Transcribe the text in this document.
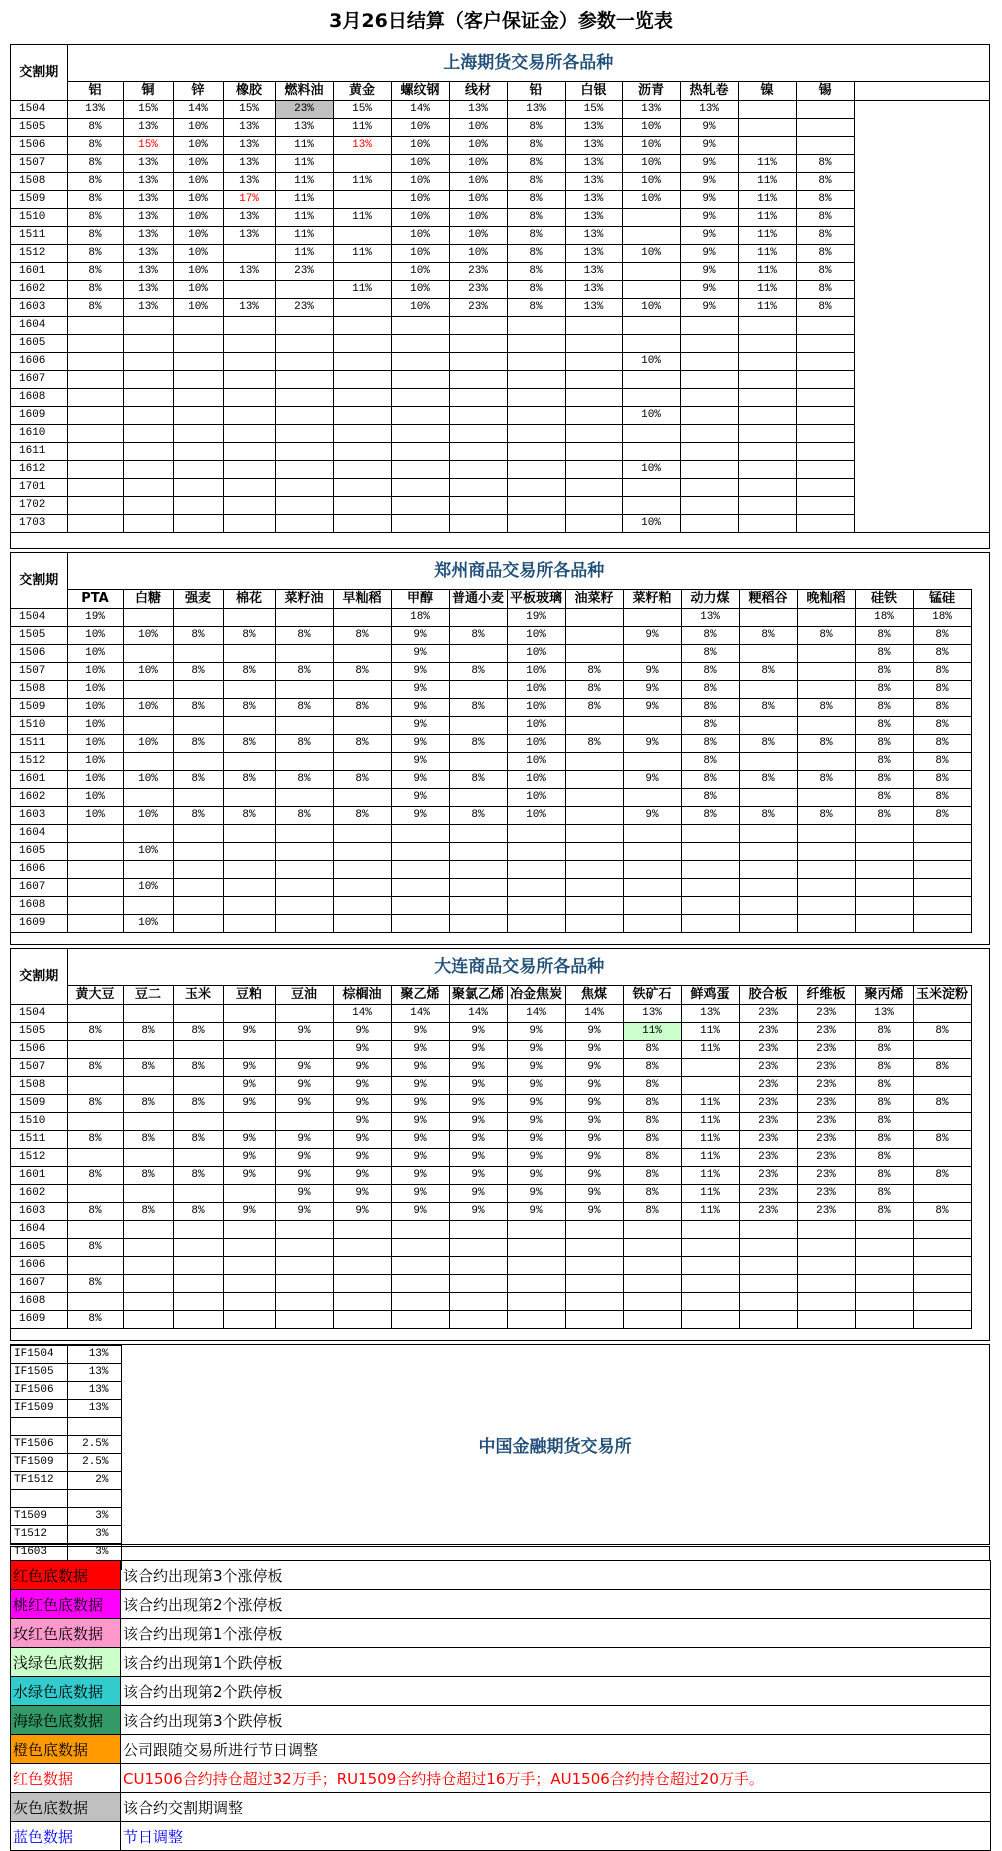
3月26日结算（客户保证金）参数一览表
交割期	上海期货交易所各品种														
	铝	铜	锌	橡胶	燃料油	黄金	螺纹钢	线材	铅	白银	沥青	热轧卷	镍	锡	
1504	13%	15%	14%	15%	23%	15%	14%	13%	13%	15%	13%	13%			
1505	8%	13%	10%	13%	13%	11%	10%	10%	8%	13%	10%	9%			
1506	8%	15%	10%	13%	11%	13%	10%	10%	8%	13%	10%	9%			
1507	8%	13%	10%	13%	11%		10%	10%	8%	13%	10%	9%	11%	8%	
1508	8%	13%	10%	13%	11%	11%	10%	10%	8%	13%	10%	9%	11%	8%	
1509	8%	13%	10%	17%	11%		10%	10%	8%	13%	10%	9%	11%	8%	
1510	8%	13%	10%	13%	11%	11%	10%	10%	8%	13%		9%	11%	8%	
1511	8%	13%	10%	13%	11%		10%	10%	8%	13%		9%	11%	8%	
1512	8%	13%	10%		11%	11%	10%	10%	8%	13%	10%	9%	11%	8%	
1601	8%	13%	10%	13%	23%		10%	23%	8%	13%		9%	11%	8%	
1602	8%	13%	10%			11%	10%	23%	8%	13%		9%	11%	8%	
1603	8%	13%	10%	13%	23%		10%	23%	8%	13%	10%	9%	11%	8%	
1604															
1605															
1606											10%				
1607															
1608															
1609											10%				
1610															
1611															
1612											10%				
1701															
1702															
1703											10%				

交割期	郑州商品交易所各品种															
	PTA	白糖	强麦	棉花	菜籽油	早籼稻	甲醇	普通小麦	平板玻璃	油菜籽	菜籽粕	动力煤	粳稻谷	晚籼稻	硅铁	锰硅
1504	19%						18%		19%			13%			18%	18%
1505	10%	10%	8%	8%	8%	8%	9%	8%	10%		9%	8%	8%	8%	8%	8%
1506	10%						9%		10%			8%			8%	8%
1507	10%	10%	8%	8%	8%	8%	9%	8%	10%	8%	9%	8%	8%		8%	8%
1508	10%						9%		10%	8%	9%	8%			8%	8%
1509	10%	10%	8%	8%	8%	8%	9%	8%	10%	8%	9%	8%	8%	8%	8%	8%
1510	10%						9%		10%			8%			8%	8%
1511	10%	10%	8%	8%	8%	8%	9%	8%	10%	8%	9%	8%	8%	8%	8%	8%
1512	10%						9%		10%			8%			8%	8%
1601	10%	10%	8%	8%	8%	8%	9%	8%	10%		9%	8%	8%	8%	8%	8%
1602	10%						9%		10%			8%			8%	8%
1603	10%	10%	8%	8%	8%	8%	9%	8%	10%		9%	8%	8%	8%	8%	8%
1604																
1605		10%														
1606																
1607		10%														
1608																
1609		10%														

交割期	大连商品交易所各品种															
	黄大豆	豆二	玉米	豆粕	豆油	棕榈油	聚乙烯	聚氯乙烯	冶金焦炭	焦煤	铁矿石	鲜鸡蛋	胶合板	纤维板	聚丙烯	玉米淀粉
1504						14%	14%	14%	14%	14%	13%	13%	23%	23%	13%	
1505	8%	8%	8%	9%	9%	9%	9%	9%	9%	9%	11%	11%	23%	23%	8%	8%
1506						9%	9%	9%	9%	9%	8%	11%	23%	23%	8%	
1507	8%	8%	8%	9%	9%	9%	9%	9%	9%	9%	8%		23%	23%	8%	8%
1508				9%	9%	9%	9%	9%	9%	9%	8%		23%	23%	8%	
1509	8%	8%	8%	9%	9%	9%	9%	9%	9%	9%	8%	11%	23%	23%	8%	8%
1510						9%	9%	9%	9%	9%	8%	11%	23%	23%	8%	
1511	8%	8%	8%	9%	9%	9%	9%	9%	9%	9%	8%	11%	23%	23%	8%	8%
1512				9%	9%	9%	9%	9%	9%	9%	8%	11%	23%	23%	8%	
1601	8%	8%	8%	9%	9%	9%	9%	9%	9%	9%	8%	11%	23%	23%	8%	8%
1602					9%	9%	9%	9%	9%	9%	8%	11%	23%	23%	8%	
1603	8%	8%	8%	9%	9%	9%	9%	9%	9%	9%	8%	11%	23%	23%	8%	8%
1604																
1605	8%															
1606																
1607	8%															
1608																
1609	8%															

IF1504	13%
IF1505	13%
IF1506	13%
IF1509	13%

TF1506	2.5%
TF1509	2.5%
TF1512	2%

T1509	3%
T1512	3%
T1603	3%

中国金融期货交易所
红色底数据	该合约出现第3个涨停板
桃红色底数据	该合约出现第2个涨停板
玫红色底数据	该合约出现第1个涨停板
浅绿色底数据	该合约出现第1个跌停板
水绿色底数据	该合约出现第2个跌停板
海绿色底数据	该合约出现第3个跌停板
橙色底数据	公司跟随交易所进行节日调整
红色数据	CU1506合约持仓超过32万手；RU1509合约持仓超过16万手；AU1506合约持仓超过20万手。
灰色底数据	该合约交割期调整
蓝色数据	节日调整
